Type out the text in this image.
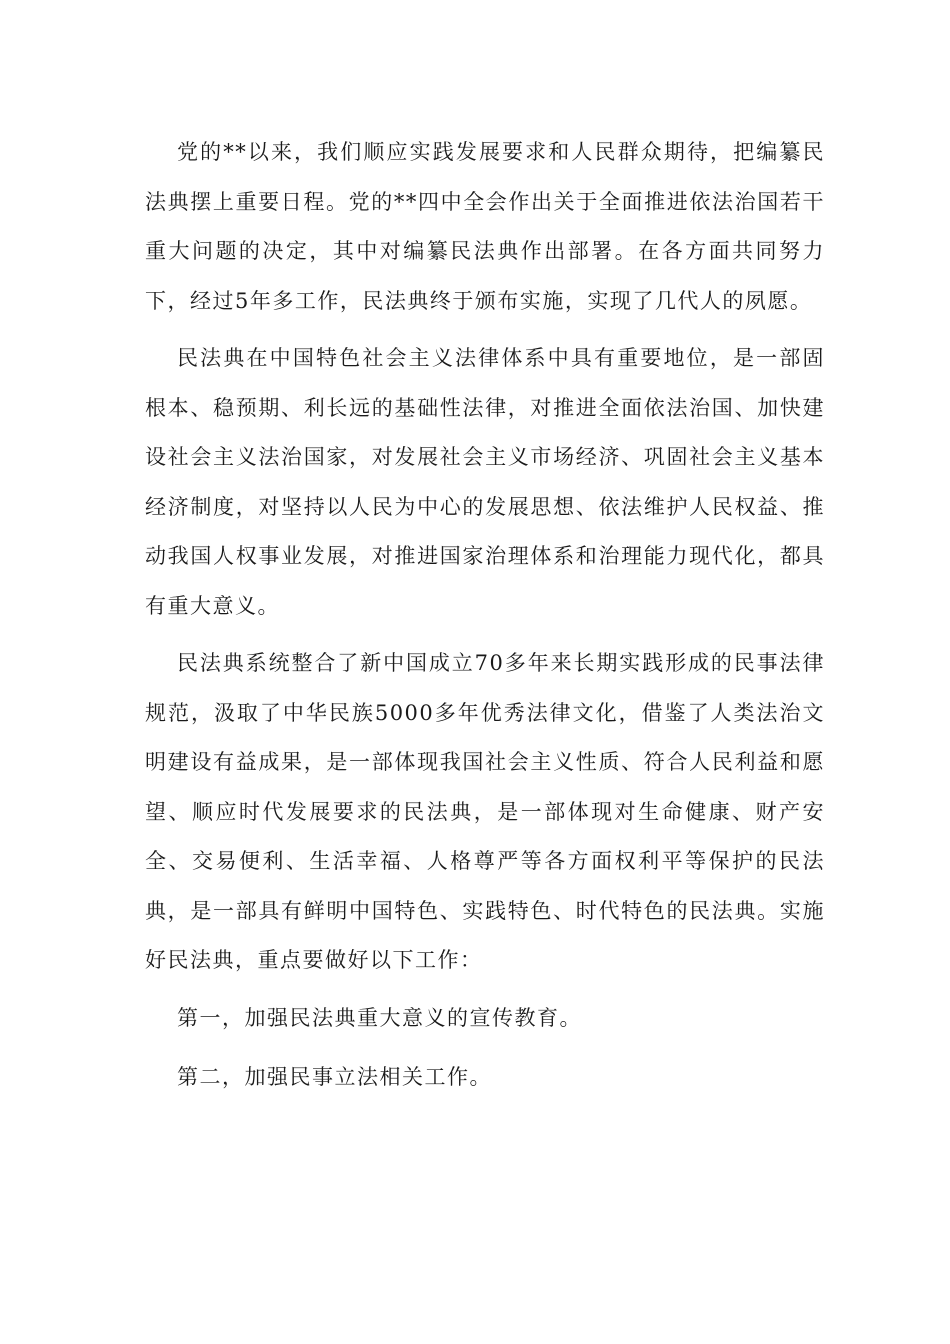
党的**以来，我们顺应实践发展要求和人民群众期待，把编纂民法典摆上重要日程。党的**四中全会作出关于全面推进依法治国若干重大问题的决定，其中对编纂民法典作出部署。在各方面共同努力下，经过5年多工作，民法典终于颁布实施，实现了几代人的夙愿。

民法典在中国特色社会主义法律体系中具有重要地位，是一部固根本、稳预期、利长远的基础性法律，对推进全面依法治国、加快建设社会主义法治国家，对发展社会主义市场经济、巩固社会主义基本经济制度，对坚持以人民为中心的发展思想、依法维护人民权益、推动我国人权事业发展，对推进国家治理体系和治理能力现代化，都具有重大意义。

民法典系统整合了新中国成立70多年来长期实践形成的民事法律规范，汲取了中华民族5000多年优秀法律文化，借鉴了人类法治文明建设有益成果，是一部体现我国社会主义性质、符合人民利益和愿望、顺应时代发展要求的民法典，是一部体现对生命健康、财产安全、交易便利、生活幸福、人格尊严等各方面权利平等保护的民法典，是一部具有鲜明中国特色、实践特色、时代特色的民法典。实施好民法典，重点要做好以下工作：

第一，加强民法典重大意义的宣传教育。

第二，加强民事立法相关工作。
